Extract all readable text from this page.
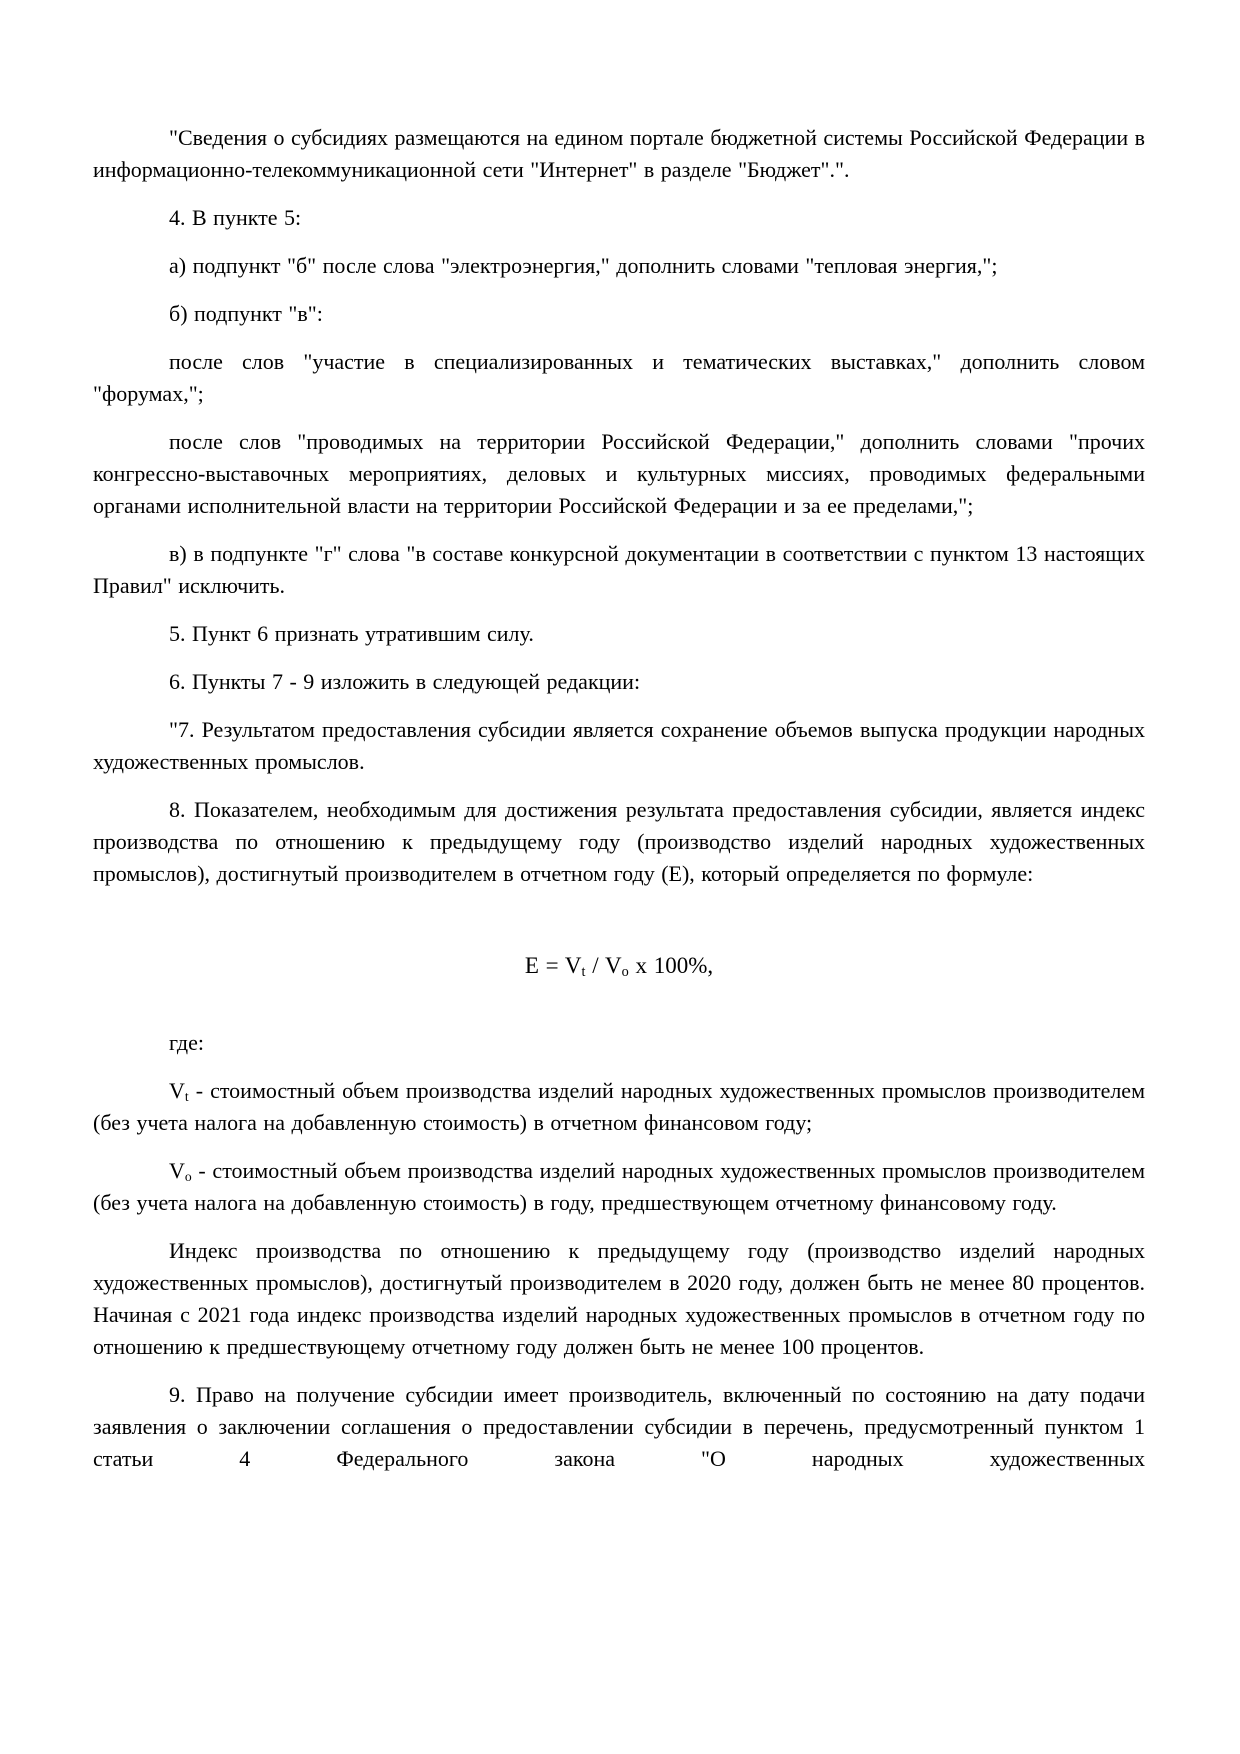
"Сведения о субсидиях размещаются на едином портале бюджетной системы Российской Федерации в информационно-телекоммуникационной сети "Интернет" в разделе "Бюджет".".

4. В пункте 5:

а) подпункт "б" после слова "электроэнергия," дополнить словами "тепловая энергия,";

б) подпункт "в":

после слов "участие в специализированных и тематических выставках," дополнить словом "форумах,";

после слов "проводимых на территории Российской Федерации," дополнить словами "прочих конгрессно-выставочных мероприятиях, деловых и культурных миссиях, проводимых федеральными органами исполнительной власти на территории Российской Федерации и за ее пределами,";

в) в подпункте "г" слова "в составе конкурсной документации в соответствии с пунктом 13 настоящих Правил" исключить.

5. Пункт 6 признать утратившим силу.

6. Пункты 7 - 9 изложить в следующей редакции:

"7. Результатом предоставления субсидии является сохранение объемов выпуска продукции народных художественных промыслов.

8. Показателем, необходимым для достижения результата предоставления субсидии, является индекс производства по отношению к предыдущему году (производство изделий народных художественных промыслов), достигнутый производителем в отчетном году (Е), который определяется по формуле:

$E = V_t / V_o$ x 100%,

где:

$V_t$ - стоимостный объем производства изделий народных художественных промыслов производителем (без учета налога на добавленную стоимость) в отчетном финансовом году;

$V_o$ - стоимостный объем производства изделий народных художественных промыслов производителем (без учета налога на добавленную стоимость) в году, предшествующем отчетному финансовому году.

Индекс производства по отношению к предыдущему году (производство изделий народных художественных промыслов), достигнутый производителем в 2020 году, должен быть не менее 80 процентов. Начиная с 2021 года индекс производства изделий народных художественных промыслов в отчетном году по отношению к предшествующему отчетному году должен быть не менее 100 процентов.

9. Право на получение субсидии имеет производитель, включенный по состоянию на дату подачи заявления о заключении соглашения о предоставлении субсидии в перечень, предусмотренный пунктом 1 статьи 4 Федерального закона "О народных художественных
